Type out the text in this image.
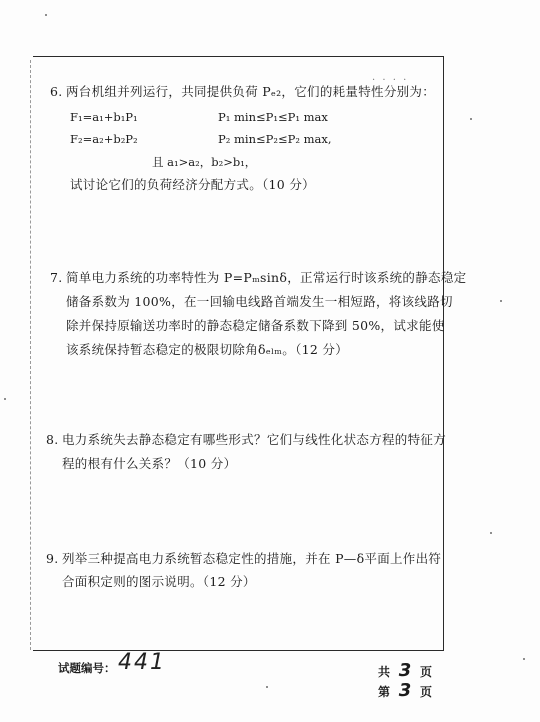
. . . .
6. 两台机组并列运行，共同提供负荷 Pₑ₂，它们的耗量特性分别为：
F₁=a₁+b₁P₁	P₁ min≤P₁≤P₁ max
F₂=a₂+b₂P₂	P₂ min≤P₂≤P₂ max,
且 a₁>a₂，b₂>b₁，
试讨论它们的负荷经济分配方式。（10 分）
7. 简单电力系统的功率特性为 P=Pₘsinδ，正常运行时该系统的静态稳定
储备系数为 100%，在一回输电线路首端发生一相短路，将该线路切
除并保持原输送功率时的静态稳定储备系数下降到 50%，试求能使
该系统保持暂态稳定的极限切除角δₑₗₘ。（12 分）
8. 电力系统失去静态稳定有哪些形式？它们与线性化状态方程的特征方
程的根有什么关系？（10 分）
9. 列举三种提高电力系统暂态稳定性的措施，并在 P—δ平面上作出符
合面积定则的图示说明。（12 分）
试题编号： 441	共 3 页
第 3 页
